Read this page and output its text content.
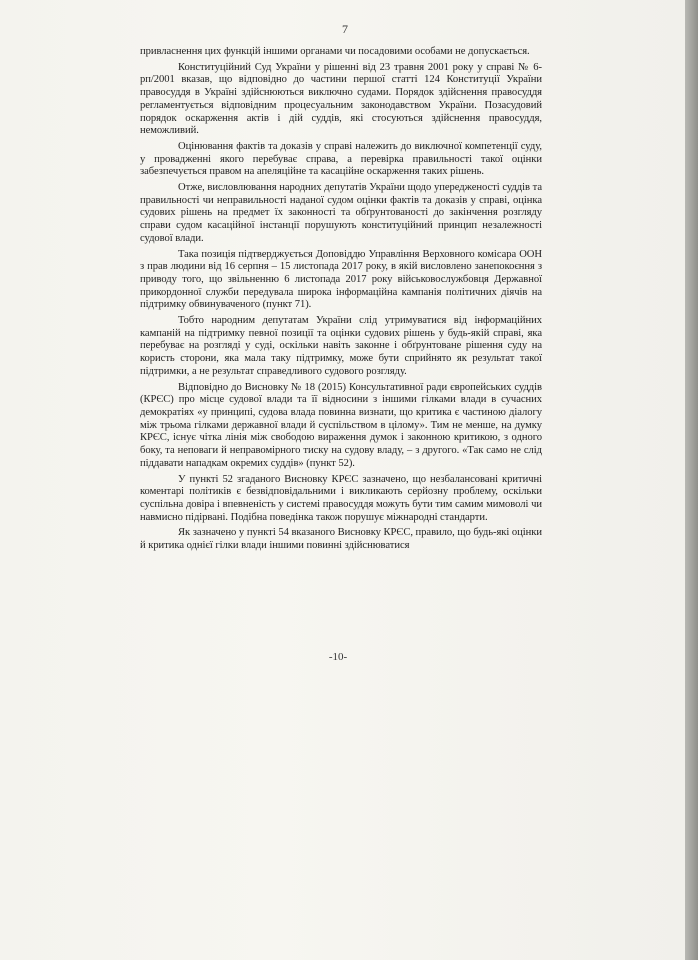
7

привласнення цих функцій іншими органами чи посадовими особами не допускається.

Конституційний Суд України у рішенні від 23 травня 2001 року у справі № 6-рп/2001 вказав, що відповідно до частини першої статті 124 Конституції України правосуддя в Україні здійснюються виключно судами. Порядок здійснення правосуддя регламентується відповідним процесуальним законодавством України. Позасудовий порядок оскарження актів і дій суддів, які стосуються здійснення правосуддя, неможливий.

Оцінювання фактів та доказів у справі належить до виключної компетенції суду, у провадженні якого перебуває справа, а перевірка правильності такої оцінки забезпечується правом на апеляційне та касаційне оскарження таких рішень.

Отже, висловлювання народних депутатів України щодо упередженості суддів та правильності чи неправильності наданої судом оцінки фактів та доказів у справі, оцінка судових рішень на предмет їх законності та обґрунтованості до закінчення розгляду справи судом касаційної інстанції порушують конституційний принцип незалежності судової влади.

Така позиція підтверджується Доповіддю Управління Верховного комісара ООН з прав людини від 16 серпня – 15 листопада 2017 року, в якій висловлено занепокоєння з приводу того, що звільненню 6 листопада 2017 року військовослужбовця Державної прикордонної служби передувала широка інформаційна кампанія політичних діячів на підтримку обвинуваченого (пункт 71).

Тобто народним депутатам України слід утримуватися від інформаційних кампаній на підтримку певної позиції та оцінки судових рішень у будь-якій справі, яка перебуває на розгляді у суді, оскільки навіть законне і обґрунтоване рішення суду на користь сторони, яка мала таку підтримку, може бути сприйнято як результат такої підтримки, а не результат справедливого судового розгляду.

Відповідно до Висновку № 18 (2015) Консультативної ради європейських суддів (КРЄС) про місце судової влади та її відносини з іншими гілками влади в сучасних демократіях «у принципі, судова влада повинна визнати, що критика є частиною діалогу між трьома гілками державної влади й суспільством в цілому». Тим не менше, на думку КРЄС, існує чітка лінія між свободою вираження думок і законною критикою, з одного боку, та неповаги й неправомірного тиску на судову владу, – з другого. «Так само не слід піддавати нападкам окремих суддів» (пункт 52).

У пункті 52 згаданого Висновку КРЄС зазначено, що незбалансовані критичні коментарі політиків є безвідповідальними і викликають серйозну проблему, оскільки суспільна довіра і впевненість у системі правосуддя можуть бути тим самим мимоволі чи навмисно підірвані. Подібна поведінка також порушує міжнародні стандарти.

Як зазначено у пункті 54 вказаного Висновку КРЄС, правило, що будь-які оцінки й критика однієї гілки влади іншими повинні здійснюватися

-10-
